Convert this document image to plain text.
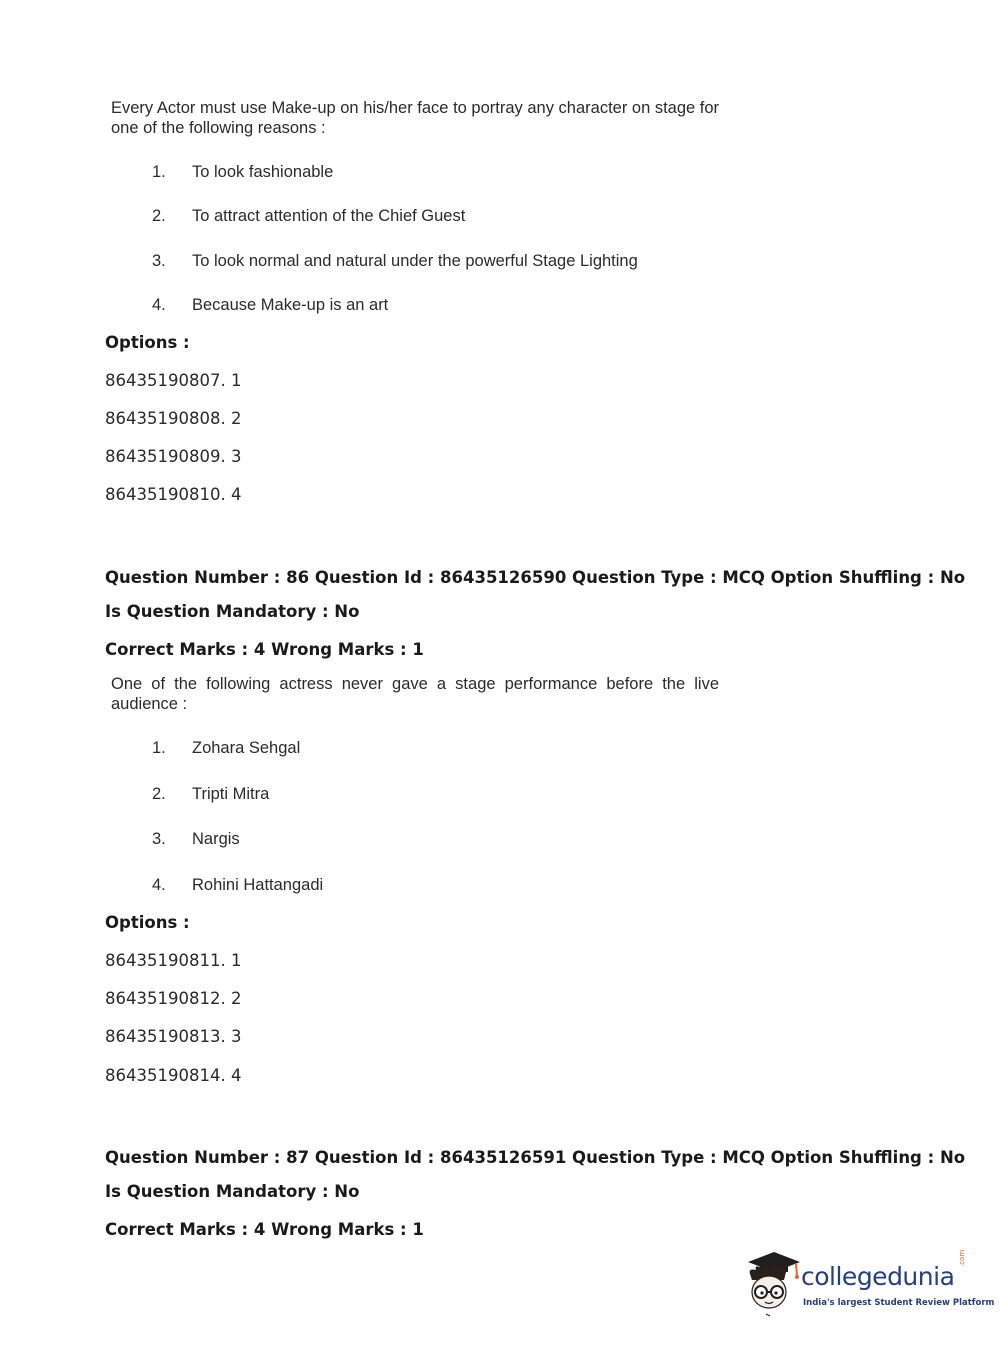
Every Actor must use Make-up on his/her face to portray any character on stage for one of the following reasons :
1. To look fashionable
2. To attract attention of the Chief Guest
3. To look normal and natural under the powerful Stage Lighting
4. Because Make-up is an art
Options :
86435190807. 1
86435190808. 2
86435190809. 3
86435190810. 4
Question Number : 86 Question Id : 86435126590 Question Type : MCQ Option Shuffling : No
Is Question Mandatory : No
Correct Marks : 4 Wrong Marks : 1
One of the following actress never gave a stage performance before the live audience :
1. Zohara Sehgal
2. Tripti Mitra
3. Nargis
4. Rohini Hattangadi
Options :
86435190811. 1
86435190812. 2
86435190813. 3
86435190814. 4
Question Number : 87 Question Id : 86435126591 Question Type : MCQ Option Shuffling : No
Is Question Mandatory : No
Correct Marks : 4 Wrong Marks : 1
collegedunia
.com
India's largest Student Review Platform
